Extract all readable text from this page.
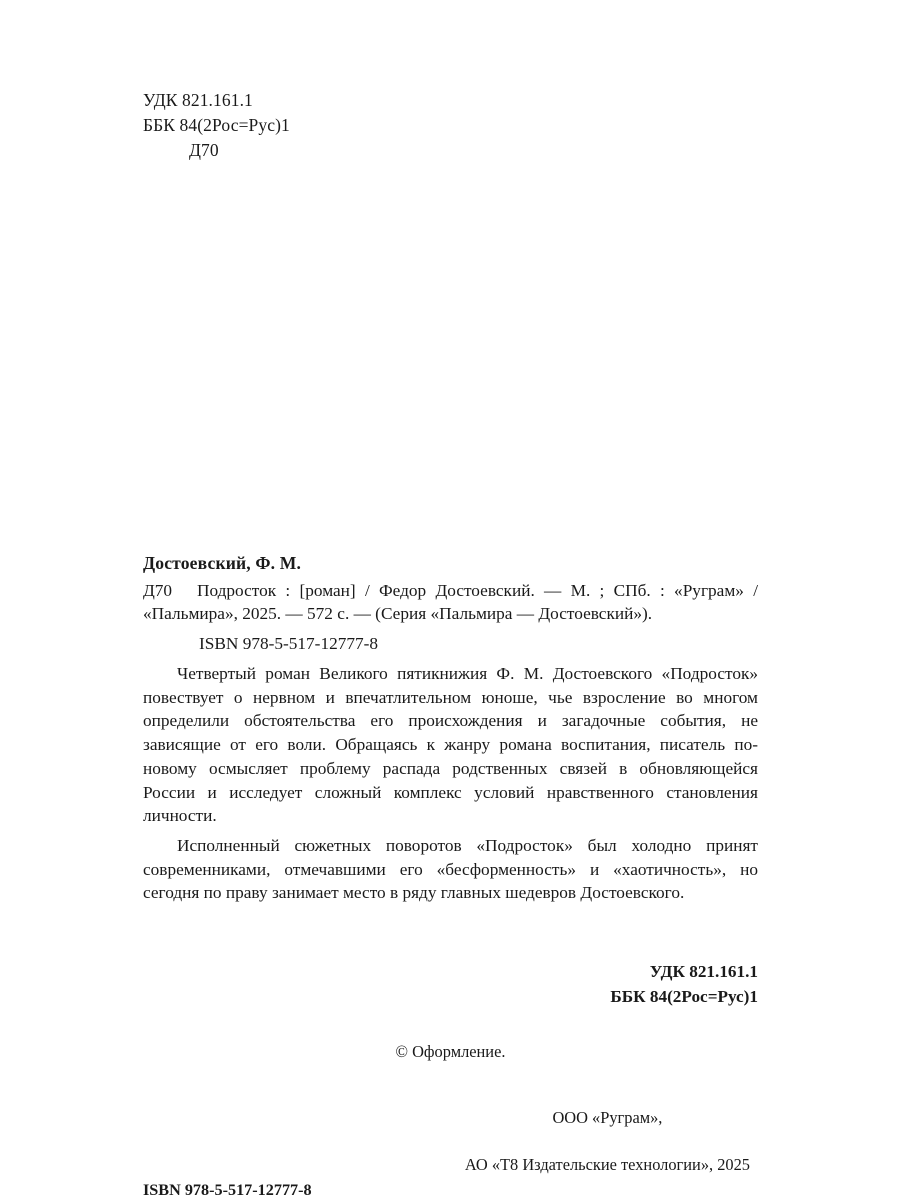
УДК 821.161.1
ББК 84(2Рос=Рус)1
Д70
Достоевский, Ф. М.
Д70 Подросток : [роман] / Федор Достоевский. — М. ; СПб. : «Руграм» / «Пальмира», 2025. — 572 с. — (Серия «Пальмира — Достоевский»).
ISBN 978-5-517-12777-8
Четвертый роман Великого пятикнижия Ф. М. Достоевского «Подросток» повествует о нервном и впечатлительном юноше, чье взросление во многом определили обстоятельства его происхождения и загадочные события, не зависящие от его воли. Обращаясь к жанру романа воспитания, писатель по-новому осмысляет проблему распада родственных связей в обновляющейся России и исследует сложный комплекс условий нравственного становления личности.
Исполненный сюжетных поворотов «Подросток» был холодно принят современниками, отмечавшими его «бесформенность» и «хаотичность», но сегодня по праву занимает место в ряду главных шедевров Достоевского.
УДК 821.161.1
ББК 84(2Рос=Рус)1
© Оформление.
ISBN 978-5-517-12777-8

ООО «Руграм»,

АО «Т8 Издательские технологии», 2025
